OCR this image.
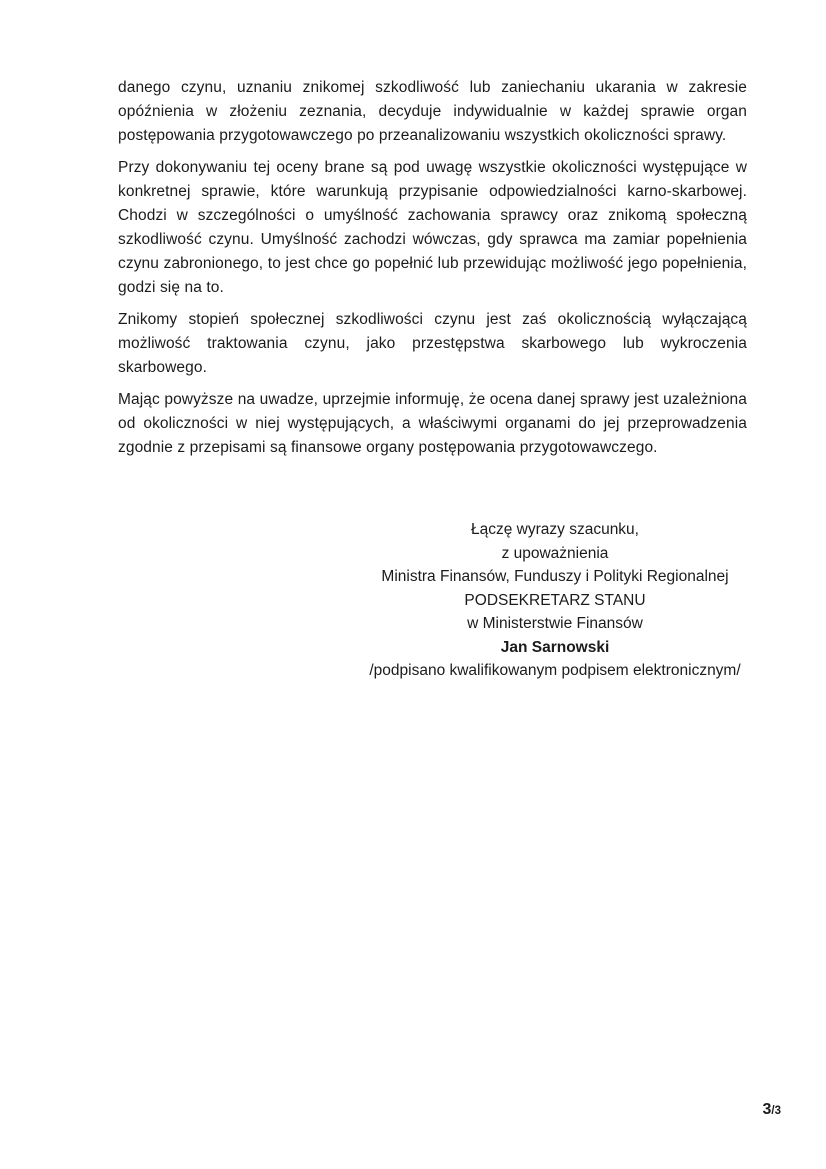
danego czynu, uznaniu znikomej szkodliwość lub zaniechaniu ukarania w zakresie opóźnienia w złożeniu zeznania, decyduje indywidualnie w każdej sprawie organ postępowania przygotowawczego po przeanalizowaniu wszystkich okoliczności sprawy.

Przy dokonywaniu tej oceny brane są pod uwagę wszystkie okoliczności występujące w konkretnej sprawie, które warunkują przypisanie odpowiedzialności karno-skarbowej. Chodzi w szczególności o umyślność zachowania sprawcy oraz znikomą społeczną szkodliwość czynu. Umyślność zachodzi wówczas, gdy sprawca ma zamiar popełnienia czynu zabronionego, to jest chce go popełnić lub przewidując możliwość jego popełnienia, godzi się na to.

Znikomy stopień społecznej szkodliwości czynu jest zaś okolicznością wyłączającą możliwość traktowania czynu, jako przestępstwa skarbowego lub wykroczenia skarbowego.

Mając powyższe na uwadze, uprzejmie informuję, że ocena danej sprawy jest uzależniona od okoliczności w niej występujących, a właściwymi organami do jej przeprowadzenia zgodnie z przepisami są finansowe organy postępowania przygotowawczego.

Łączę wyrazy szacunku,
z upoważnienia
Ministra Finansów, Funduszy i Polityki Regionalnej
PODSEKRETARZ STANU
w Ministerstwie Finansów
Jan Sarnowski
/podpisano kwalifikowanym podpisem elektronicznym/
3/3
